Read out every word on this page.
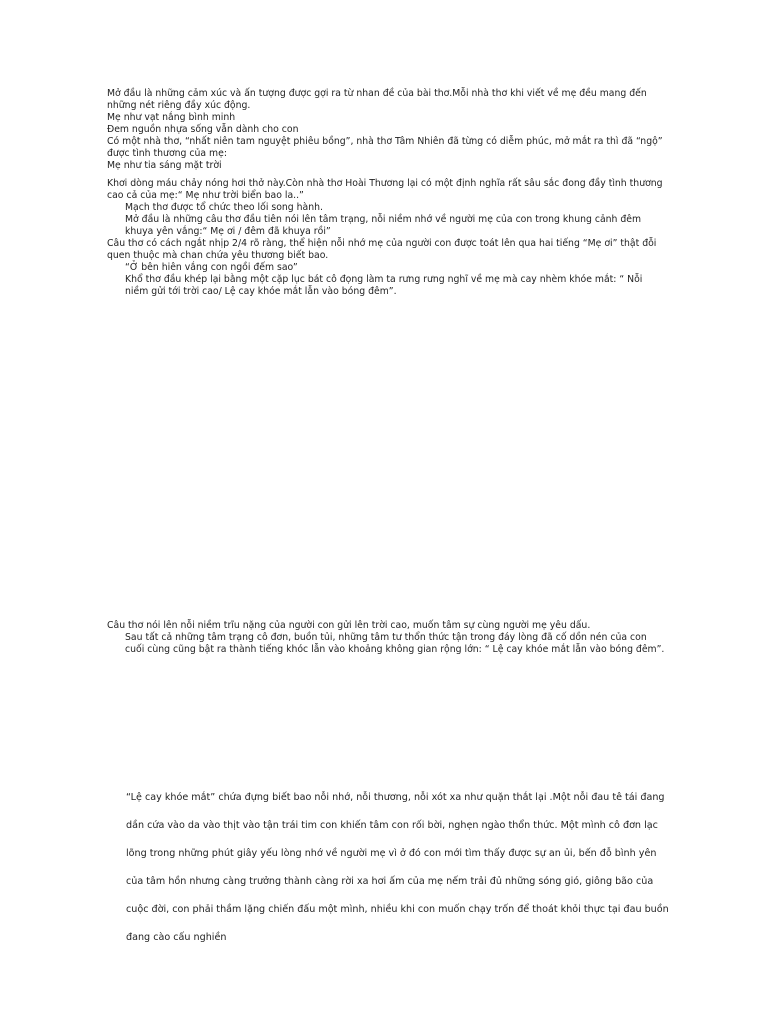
Mở đầu là những cảm xúc và ấn tượng được gợi ra từ nhan đề của bài thơ.Mỗi nhà thơ khi viết về mẹ đều mang đến những nét riêng đầy xúc động.

Mẹ như vạt nắng bình minh

Đem nguồn nhựa sống vẫn dành cho con

Có một nhà thơ, “nhất niên tam nguyệt phiêu bồng”, nhà thơ Tâm Nhiên đã từng có diễm phúc, mở mắt ra thì đã “ngộ” được tình thương của mẹ:

Mẹ như tia sáng mặt trời

Khơi dòng máu chảy nóng hơi thở này.Còn nhà thơ Hoài Thương lại có một định nghĩa rất sâu sắc đong đầy tình thương cao cả của mẹ:“ Mẹ như trời biển bao la..”

Mạch thơ được tổ chức theo lối song hành.

Mở đầu là những câu thơ đầu tiên nói lên tâm trạng, nỗi niềm nhớ về người mẹ của con trong khung cảnh đêm khuya yên vắng:“ Mẹ ơi / đêm đã khuya rồi”

Câu thơ có cách ngắt nhịp 2/4 rõ ràng, thể hiện nỗi nhớ mẹ của người con được toát lên qua hai tiếng “Mẹ ơi” thật đỗi quen thuộc mà chan chứa yêu thương biết bao.

“Ở bên hiên vắng con ngồi đếm sao”

Khổ thơ đầu khép lại bằng một cặp lục bát cô đọng làm ta rưng rưng nghĩ về mẹ mà cay nhèm khóe mắt: “ Nỗi niềm gửi tới trời cao/ Lệ cay khóe mắt lẫn vào bóng đêm”.

Câu thơ nói lên nỗi niềm trĩu nặng của người con gửi lên trời cao, muốn tâm sự cùng người mẹ yêu dấu.

Sau tất cả những tâm trạng cô đơn, buồn tủi, những tâm tư thổn thức tận trong đáy lòng đã cố dồn nén của con cuối cùng cũng bật ra thành tiếng khóc lẫn vào khoảng không gian rộng lớn: “ Lệ cay khóe mắt lẫn vào bóng đêm”.

“Lệ cay khóe mắt” chứa đựng biết bao nỗi nhớ, nỗi thương, nỗi xót xa như quặn thắt lại .Một nỗi đau tê tái đang dần cứa vào da vào thịt vào tận trái tim con khiến tâm con rối bời, nghẹn ngào thổn thức. Một mình cô đơn lạc lõng trong những phút giây yếu lòng nhớ về người mẹ vì ở đó con mới tìm thấy được sự an ủi, bến đỗ bình yên của tâm hồn nhưng càng trưởng thành càng rời xa hơi ấm của mẹ nếm trải đủ những sóng gió, giông bão của cuộc đời, con phải thầm lặng chiến đấu một mình, nhiều khi con muốn chạy trốn để thoát khỏi thực tại đau buồn đang cào cấu nghiền
